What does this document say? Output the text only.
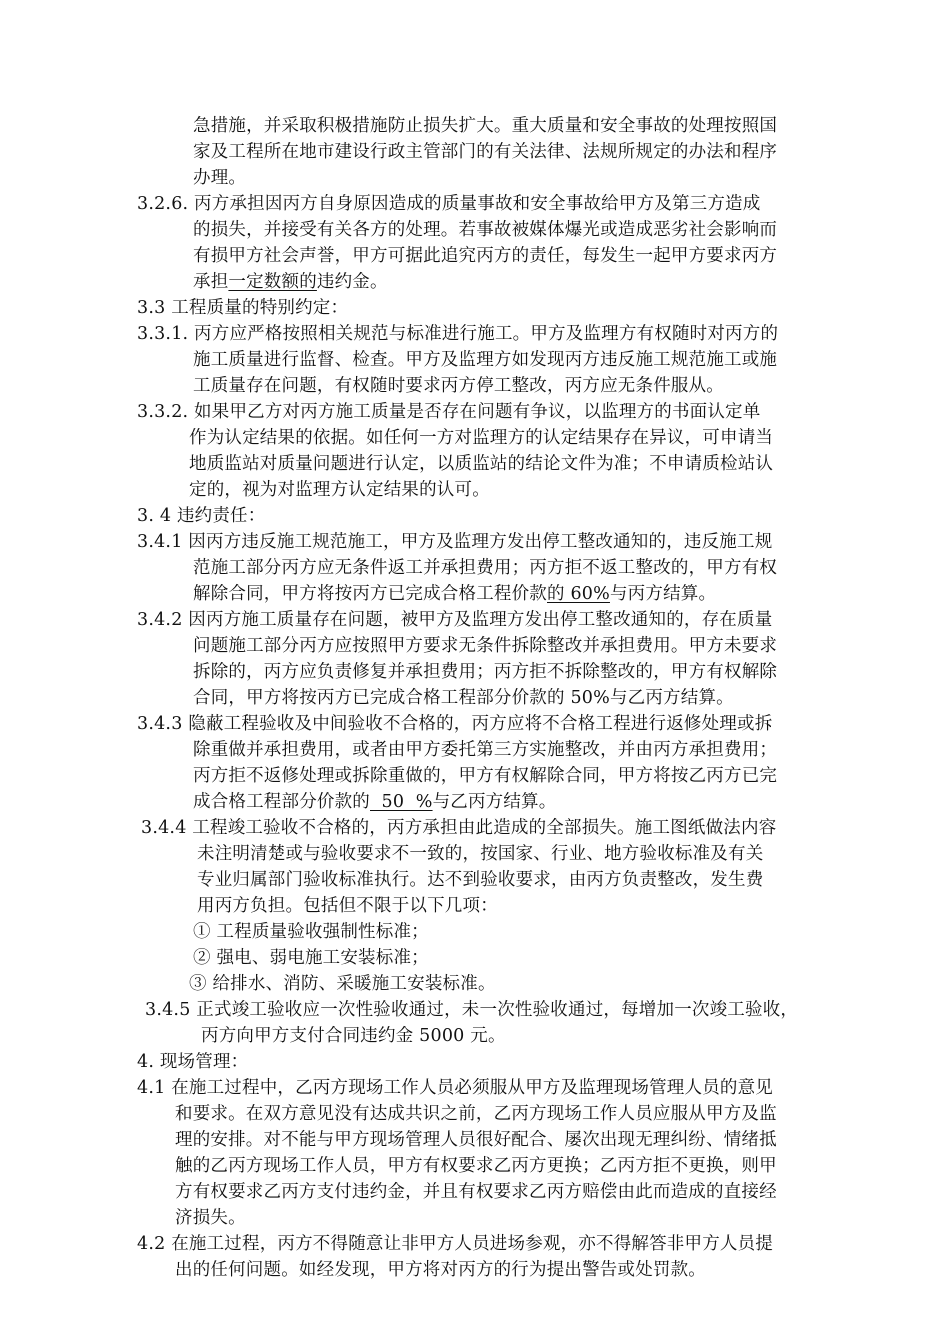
急措施，并采取积极措施防止损失扩大。重大质量和安全事故的处理按照国
家及工程所在地市建设行政主管部门的有关法律、法规所规定的办法和程序
办理。
3.2.6. 丙方承担因丙方自身原因造成的质量事故和安全事故给甲方及第三方造成
的损失，并接受有关各方的处理。若事故被媒体爆光或造成恶劣社会影响而
有损甲方社会声誉，甲方可据此追究丙方的责任，每发生一起甲方要求丙方
承担一定数额的违约金。
3.3 工程质量的特别约定：
3.3.1. 丙方应严格按照相关规范与标准进行施工。甲方及监理方有权随时对丙方的
施工质量进行监督、检查。甲方及监理方如发现丙方违反施工规范施工或施
工质量存在问题，有权随时要求丙方停工整改，丙方应无条件服从。
3.3.2. 如果甲乙方对丙方施工质量是否存在问题有争议，以监理方的书面认定单
作为认定结果的依据。如任何一方对监理方的认定结果存在异议，可申请当
地质监站对质量问题进行认定，以质监站的结论文件为准；不申请质检站认
定的，视为对监理方认定结果的认可。
3. 4 违约责任：
3.4.1 因丙方违反施工规范施工，甲方及监理方发出停工整改通知的，违反施工规
范施工部分丙方应无条件返工并承担费用；丙方拒不返工整改的，甲方有权
解除合同，甲方将按丙方已完成合格工程价款的 60%与丙方结算。
3.4.2 因丙方施工质量存在问题，被甲方及监理方发出停工整改通知的，存在质量
问题施工部分丙方应按照甲方要求无条件拆除整改并承担费用。甲方未要求
拆除的，丙方应负责修复并承担费用；丙方拒不拆除整改的，甲方有权解除
合同，甲方将按丙方已完成合格工程部分价款的 50%与乙丙方结算。
3.4.3 隐蔽工程验收及中间验收不合格的，丙方应将不合格工程进行返修处理或拆
除重做并承担费用，或者由甲方委托第三方实施整改，并由丙方承担费用；
丙方拒不返修处理或拆除重做的，甲方有权解除合同，甲方将按乙丙方已完
成合格工程部分价款的  50  %与乙丙方结算。
3.4.4 工程竣工验收不合格的，丙方承担由此造成的全部损失。施工图纸做法内容
未注明清楚或与验收要求不一致的，按国家、行业、地方验收标准及有关
专业归属部门验收标准执行。达不到验收要求，由丙方负责整改，发生费
用丙方负担。包括但不限于以下几项：
① 工程质量验收强制性标准；
② 强电、弱电施工安装标准；
③ 给排水、消防、采暖施工安装标准。
3.4.5 正式竣工验收应一次性验收通过，未一次性验收通过，每增加一次竣工验收，
丙方向甲方支付合同违约金 5000 元。
4. 现场管理：
4.1 在施工过程中，乙丙方现场工作人员必须服从甲方及监理现场管理人员的意见
和要求。在双方意见没有达成共识之前，乙丙方现场工作人员应服从甲方及监
理的安排。对不能与甲方现场管理人员很好配合、屡次出现无理纠纷、情绪抵
触的乙丙方现场工作人员，甲方有权要求乙丙方更换；乙丙方拒不更换，则甲
方有权要求乙丙方支付违约金，并且有权要求乙丙方赔偿由此而造成的直接经
济损失。
4.2 在施工过程，丙方不得随意让非甲方人员进场参观，亦不得解答非甲方人员提
出的任何问题。如经发现，甲方将对丙方的行为提出警告或处罚款。
